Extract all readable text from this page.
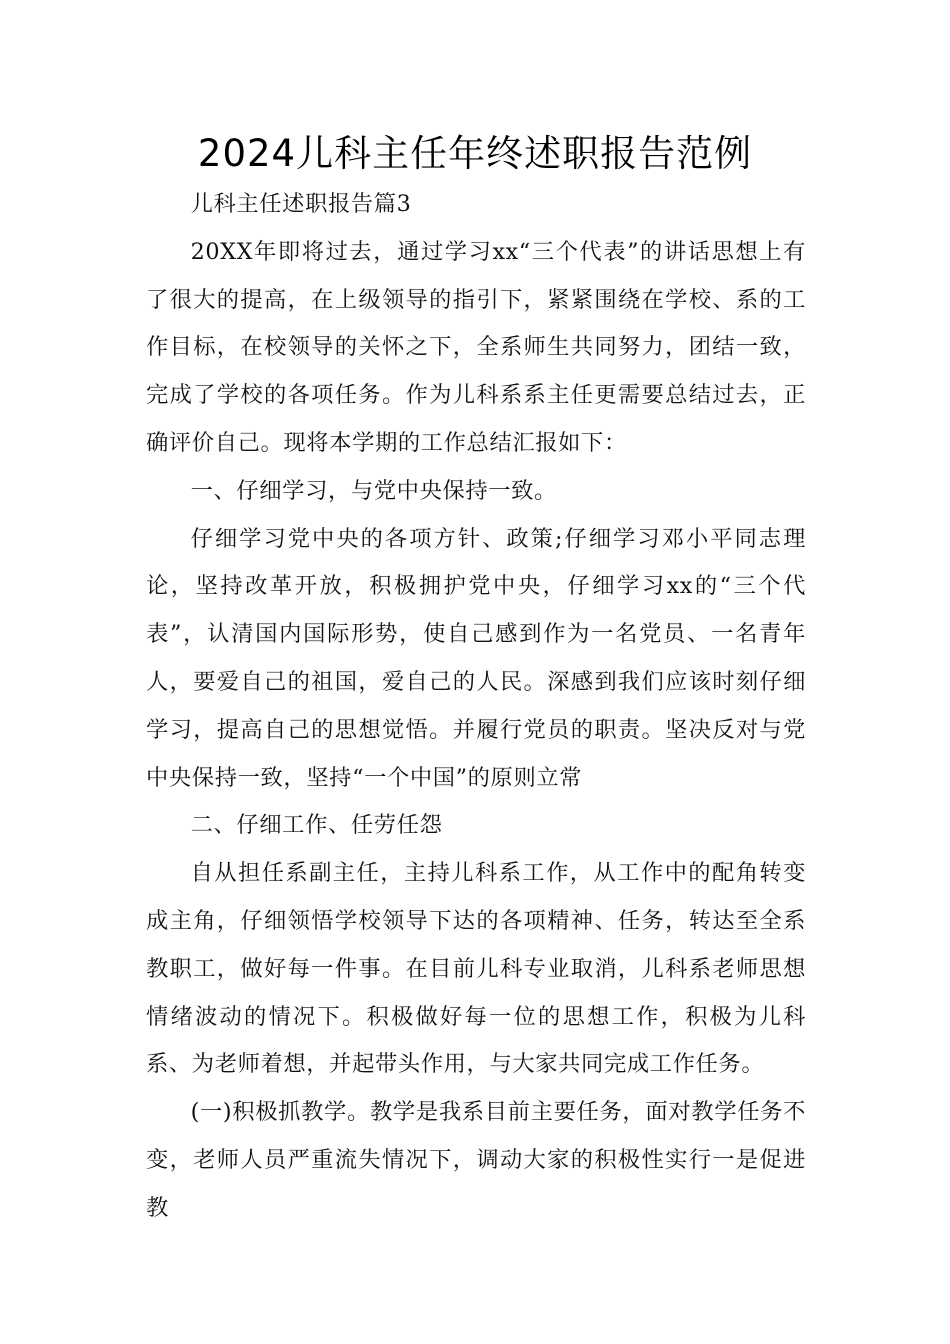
2024儿科主任年终述职报告范例

儿科主任述职报告篇3

20XX年即将过去，通过学习xx“三个代表”的讲话思想上有了很大的提高，在上级领导的指引下，紧紧围绕在学校、系的工作目标，在校领导的关怀之下，全系师生共同努力，团结一致，完成了学校的各项任务。作为儿科系系主任更需要总结过去，正确评价自己。现将本学期的工作总结汇报如下：

一、仔细学习，与党中央保持一致。

仔细学习党中央的各项方针、政策;仔细学习邓小平同志理论，坚持改革开放，积极拥护党中央，仔细学习xx的“三个代表”，认清国内国际形势，使自己感到作为一名党员、一名青年人，要爱自己的祖国，爱自己的人民。深感到我们应该时刻仔细学习，提高自己的思想觉悟。并履行党员的职责。坚决反对与党中央保持一致，坚持“一个中国”的原则立常

二、仔细工作、任劳任怨

自从担任系副主任，主持儿科系工作，从工作中的配角转变成主角，仔细领悟学校领导下达的各项精神、任务，转达至全系教职工，做好每一件事。在目前儿科专业取消，儿科系老师思想情绪波动的情况下。积极做好每一位的思想工作，积极为儿科系、为老师着想，并起带头作用，与大家共同完成工作任务。

(一)积极抓教学。教学是我系目前主要任务，面对教学任务不变，老师人员严重流失情况下，调动大家的积极性实行一是促进教
